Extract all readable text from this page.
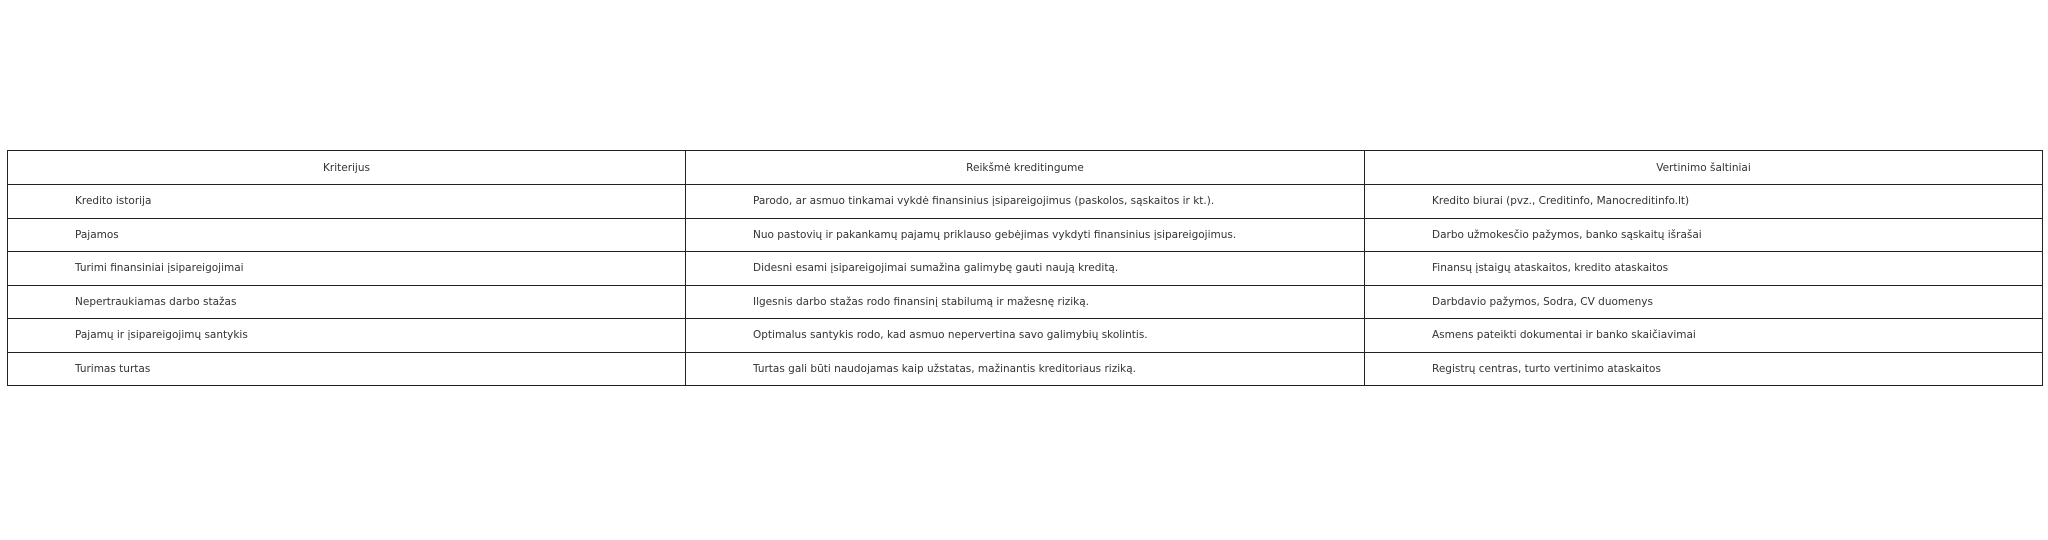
Kriterijus	Reikšmė kreditingume	Vertinimo šaltiniai
Kredito istorija	Parodo, ar asmuo tinkamai vykdė finansinius įsipareigojimus (paskolos, sąskaitos ir kt.).	Kredito biurai (pvz., Creditinfo, Manocreditinfo.lt)
Pajamos	Nuo pastovių ir pakankamų pajamų priklauso gebėjimas vykdyti finansinius įsipareigojimus.	Darbo užmokesčio pažymos, banko sąskaitų išrašai
Turimi finansiniai įsipareigojimai	Didesni esami įsipareigojimai sumažina galimybę gauti naują kreditą.	Finansų įstaigų ataskaitos, kredito ataskaitos
Nepertraukiamas darbo stažas	Ilgesnis darbo stažas rodo finansinį stabilumą ir mažesnę riziką.	Darbdavio pažymos, Sodra, CV duomenys
Pajamų ir įsipareigojimų santykis	Optimalus santykis rodo, kad asmuo nepervertina savo galimybių skolintis.	Asmens pateikti dokumentai ir banko skaičiavimai
Turimas turtas	Turtas gali būti naudojamas kaip užstatas, mažinantis kreditoriaus riziką.	Registrų centras, turto vertinimo ataskaitos
